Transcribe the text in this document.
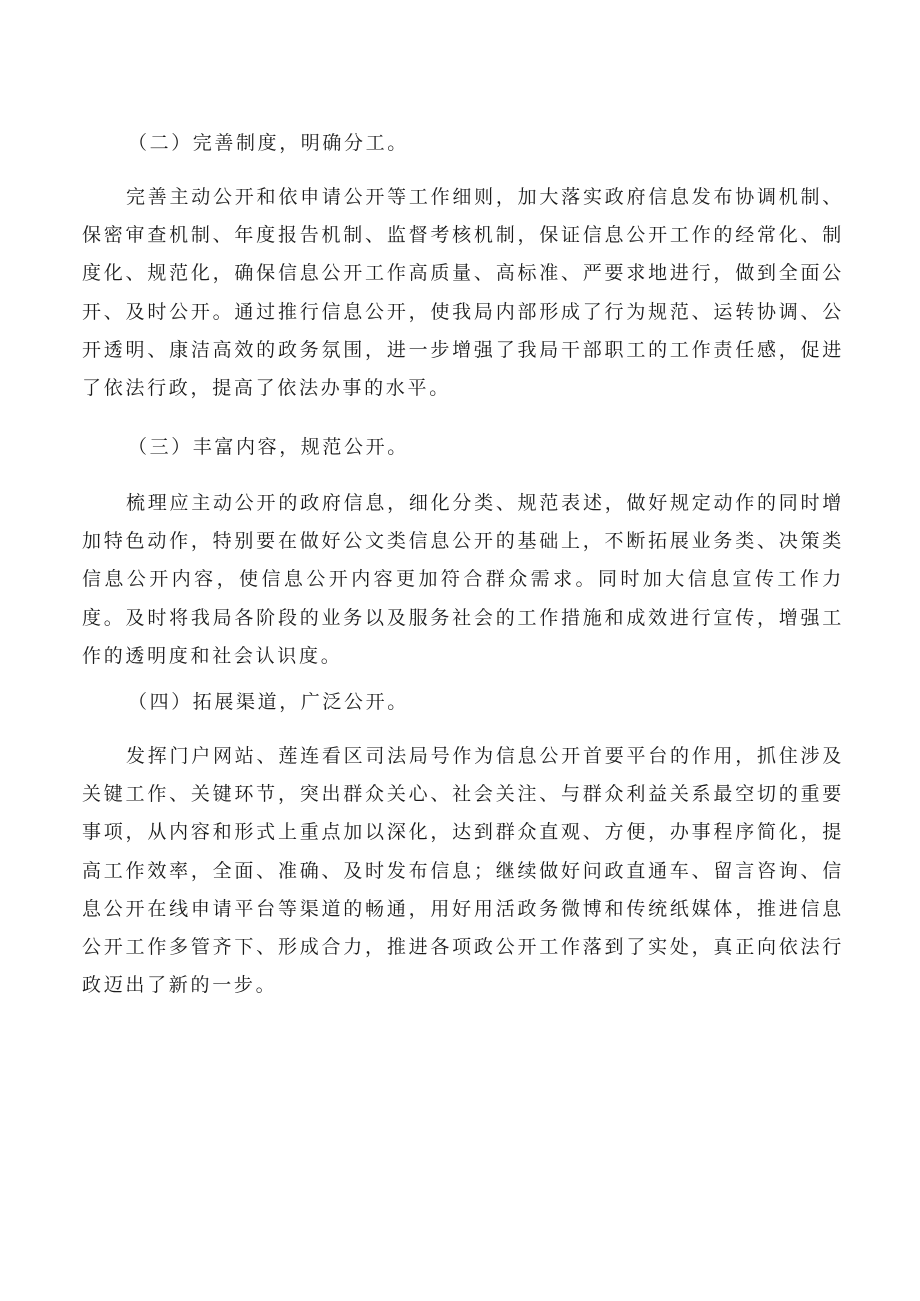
（二）完善制度，明确分工。

完善主动公开和依申请公开等工作细则，加大落实政府信息发布协调机制、保密审查机制、年度报告机制、监督考核机制，保证信息公开工作的经常化、制度化、规范化，确保信息公开工作高质量、高标准、严要求地进行，做到全面公开、及时公开。通过推行信息公开，使我局内部形成了行为规范、运转协调、公开透明、康洁高效的政务氛围，进一步增强了我局干部职工的工作责任感，促进了依法行政，提高了依法办事的水平。

（三）丰富内容，规范公开。

梳理应主动公开的政府信息，细化分类、规范表述，做好规定动作的同时增加特色动作，特别要在做好公文类信息公开的基础上，不断拓展业务类、决策类信息公开内容，使信息公开内容更加符合群众需求。同时加大信息宣传工作力度。及时将我局各阶段的业务以及服务社会的工作措施和成效进行宣传，增强工作的透明度和社会认识度。

（四）拓展渠道，广泛公开。

发挥门户网站、莲连看区司法局号作为信息公开首要平台的作用，抓住涉及关键工作、关键环节，突出群众关心、社会关注、与群众利益关系最空切的重要事项，从内容和形式上重点加以深化，达到群众直观、方便，办事程序简化，提高工作效率，全面、准确、及时发布信息；继续做好问政直通车、留言咨询、信息公开在线申请平台等渠道的畅通，用好用活政务微博和传统纸媒体，推进信息公开工作多管齐下、形成合力，推进各项政公开工作落到了实处，真正向依法行政迈出了新的一步。
